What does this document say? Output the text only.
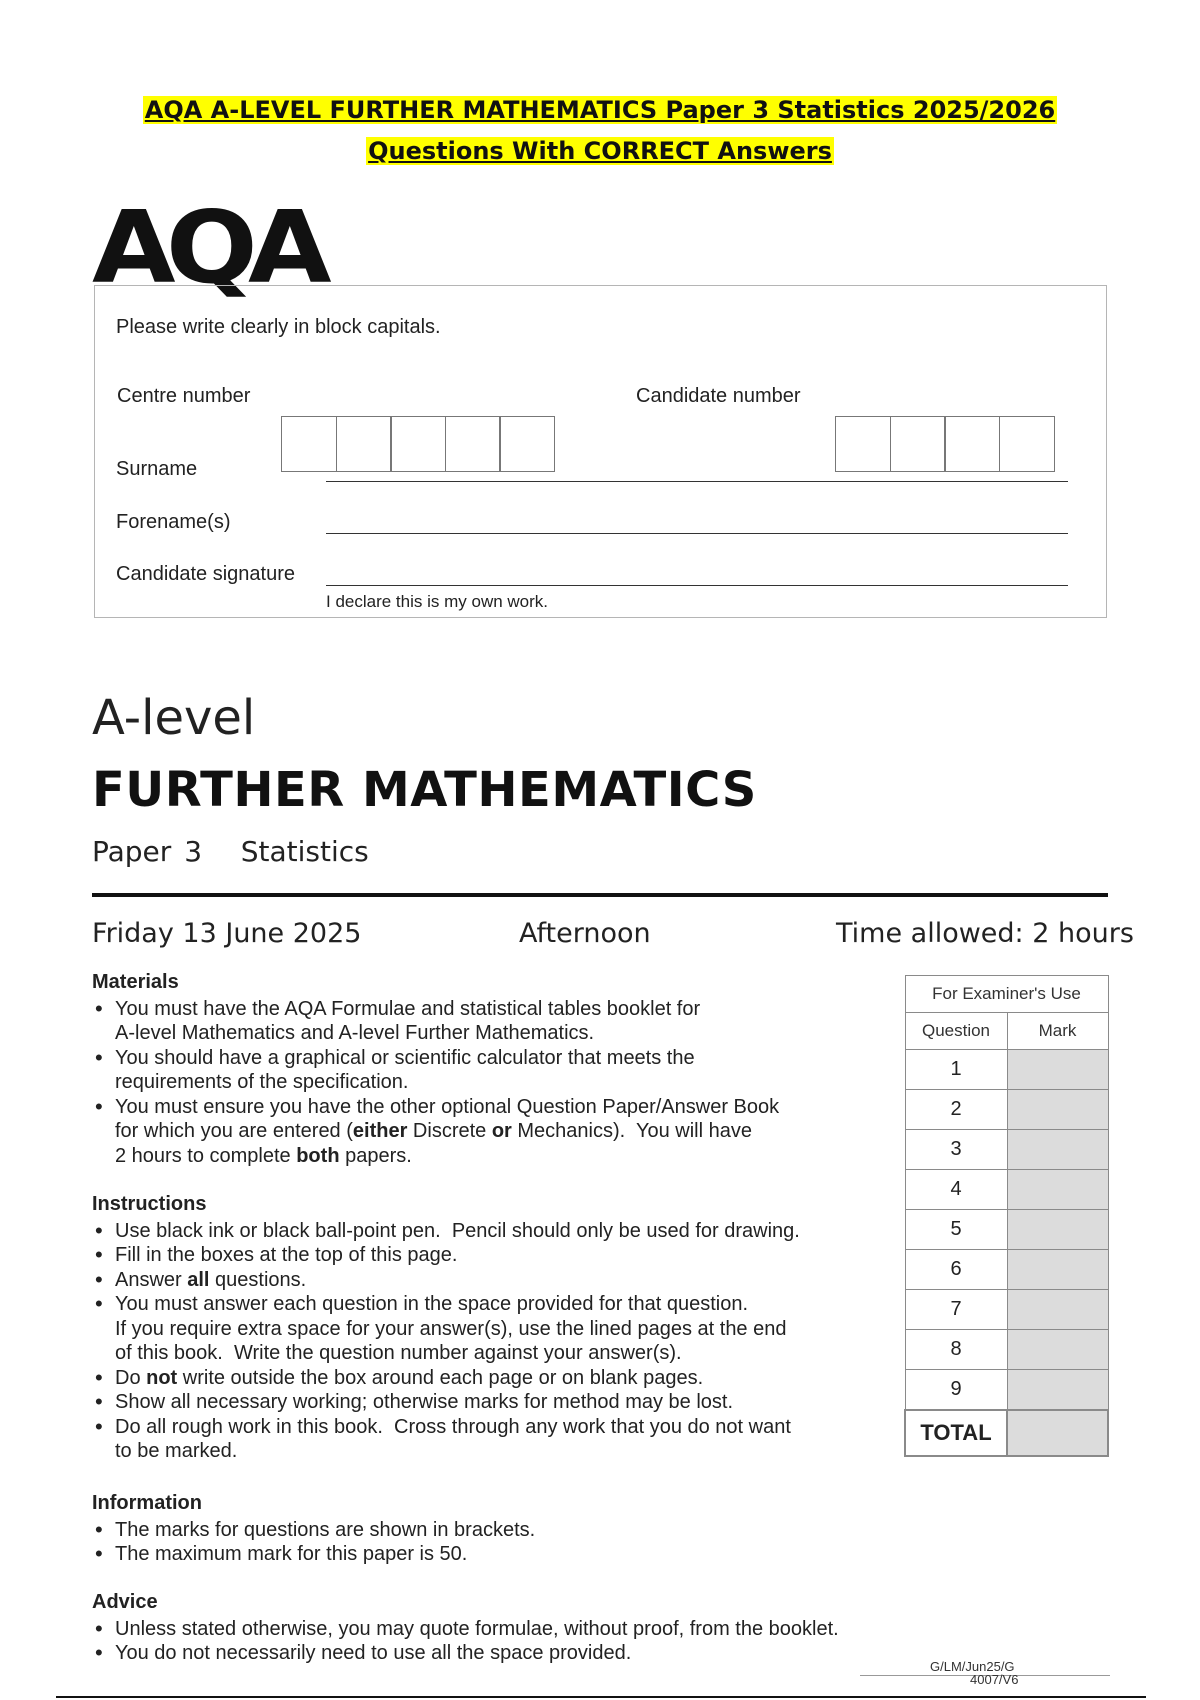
AQA A-LEVEL FURTHER MATHEMATICS Paper 3 Statistics 2025/2026
Questions With CORRECT Answers
AQA
Please write clearly in block capitals.
Centre number	Candidate number
Surname
Forename(s)
Candidate signature
I declare this is my own work.
A-level
FURTHER MATHEMATICS
Paper 3   Statistics
Friday 13 June 2025	Afternoon	Time allowed: 2 hours
Materials

• You must have the AQA Formulae and statistical tables booklet for

A-level Mathematics and A-level Further Mathematics.

• You should have a graphical or scientific calculator that meets the

requirements of the specification.

• You must ensure you have the other optional Question Paper/Answer Book

for which you are entered (either Discrete or Mechanics).  You will have

2 hours to complete both papers.

Instructions

• Use black ink or black ball-point pen.  Pencil should only be used for drawing.

• Fill in the boxes at the top of this page.

• Answer all questions.

• You must answer each question in the space provided for that question.

If you require extra space for your answer(s), use the lined pages at the end

of this book.  Write the question number against your answer(s).

• Do not write outside the box around each page or on blank pages.

• Show all necessary working; otherwise marks for method may be lost.

• Do all rough work in this book.  Cross through any work that you do not want

to be marked.

Information

• The marks for questions are shown in brackets.

• The maximum mark for this paper is 50.

Advice

• Unless stated otherwise, you may quote formulae, without proof, from the booklet.

• You do not necessarily need to use all the space provided.

For Examiner's Use	
Question	Mark
1	
2	
3	
4	
5	
6	
7	
8	
9	
TOTAL	
G/LM/Jun25/G
4007/V6
